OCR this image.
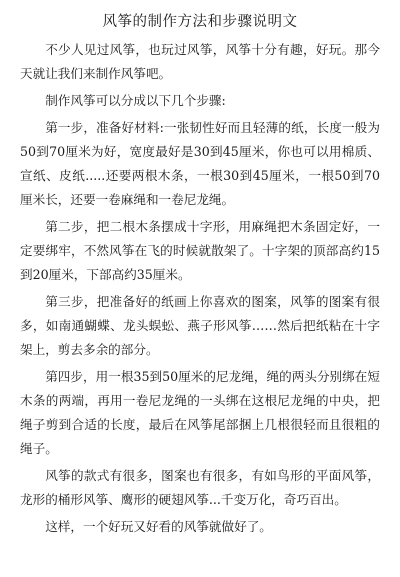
风筝的制作方法和步骤说明文

不少人见过风筝，也玩过风筝，风筝十分有趣，好玩。那今天就让我们来制作风筝吧。

制作风筝可以分成以下几个步骤:

第一步，准备好材料:一张韧性好而且轻薄的纸，长度一般为50到70厘米为好，宽度最好是30到45厘米，你也可以用棉质、宣纸、皮纸.....还要两根木条，一根30到45厘米，一根50到70厘米长，还要一卷麻绳和一卷尼龙绳。

第二步，把二根木条摆成十字形，用麻绳把木条固定好，一定要绑牢，不然风筝在飞的时候就散架了。十字架的顶部高约15到20厘米，下部高约35厘米。

第三步，把准备好的纸画上你喜欢的图案，风筝的图案有很多，如南通蝴蝶、龙头蜈蚣、燕子形风筝……然后把纸粘在十字架上，剪去多余的部分。

第四步，用一根35到50厘米的尼龙绳，绳的两头分别绑在短木条的两端，再用一卷尼龙绳的一头绑在这根尼龙绳的中央，把绳子剪到合适的长度，最后在风筝尾部捆上几根很轻而且很粗的绳子。

风筝的款式有很多，图案也有很多，有如鸟形的平面风筝，龙形的桶形风筝、鹰形的硬翅风筝...千变万化，奇巧百出。

这样，一个好玩又好看的风筝就做好了。
